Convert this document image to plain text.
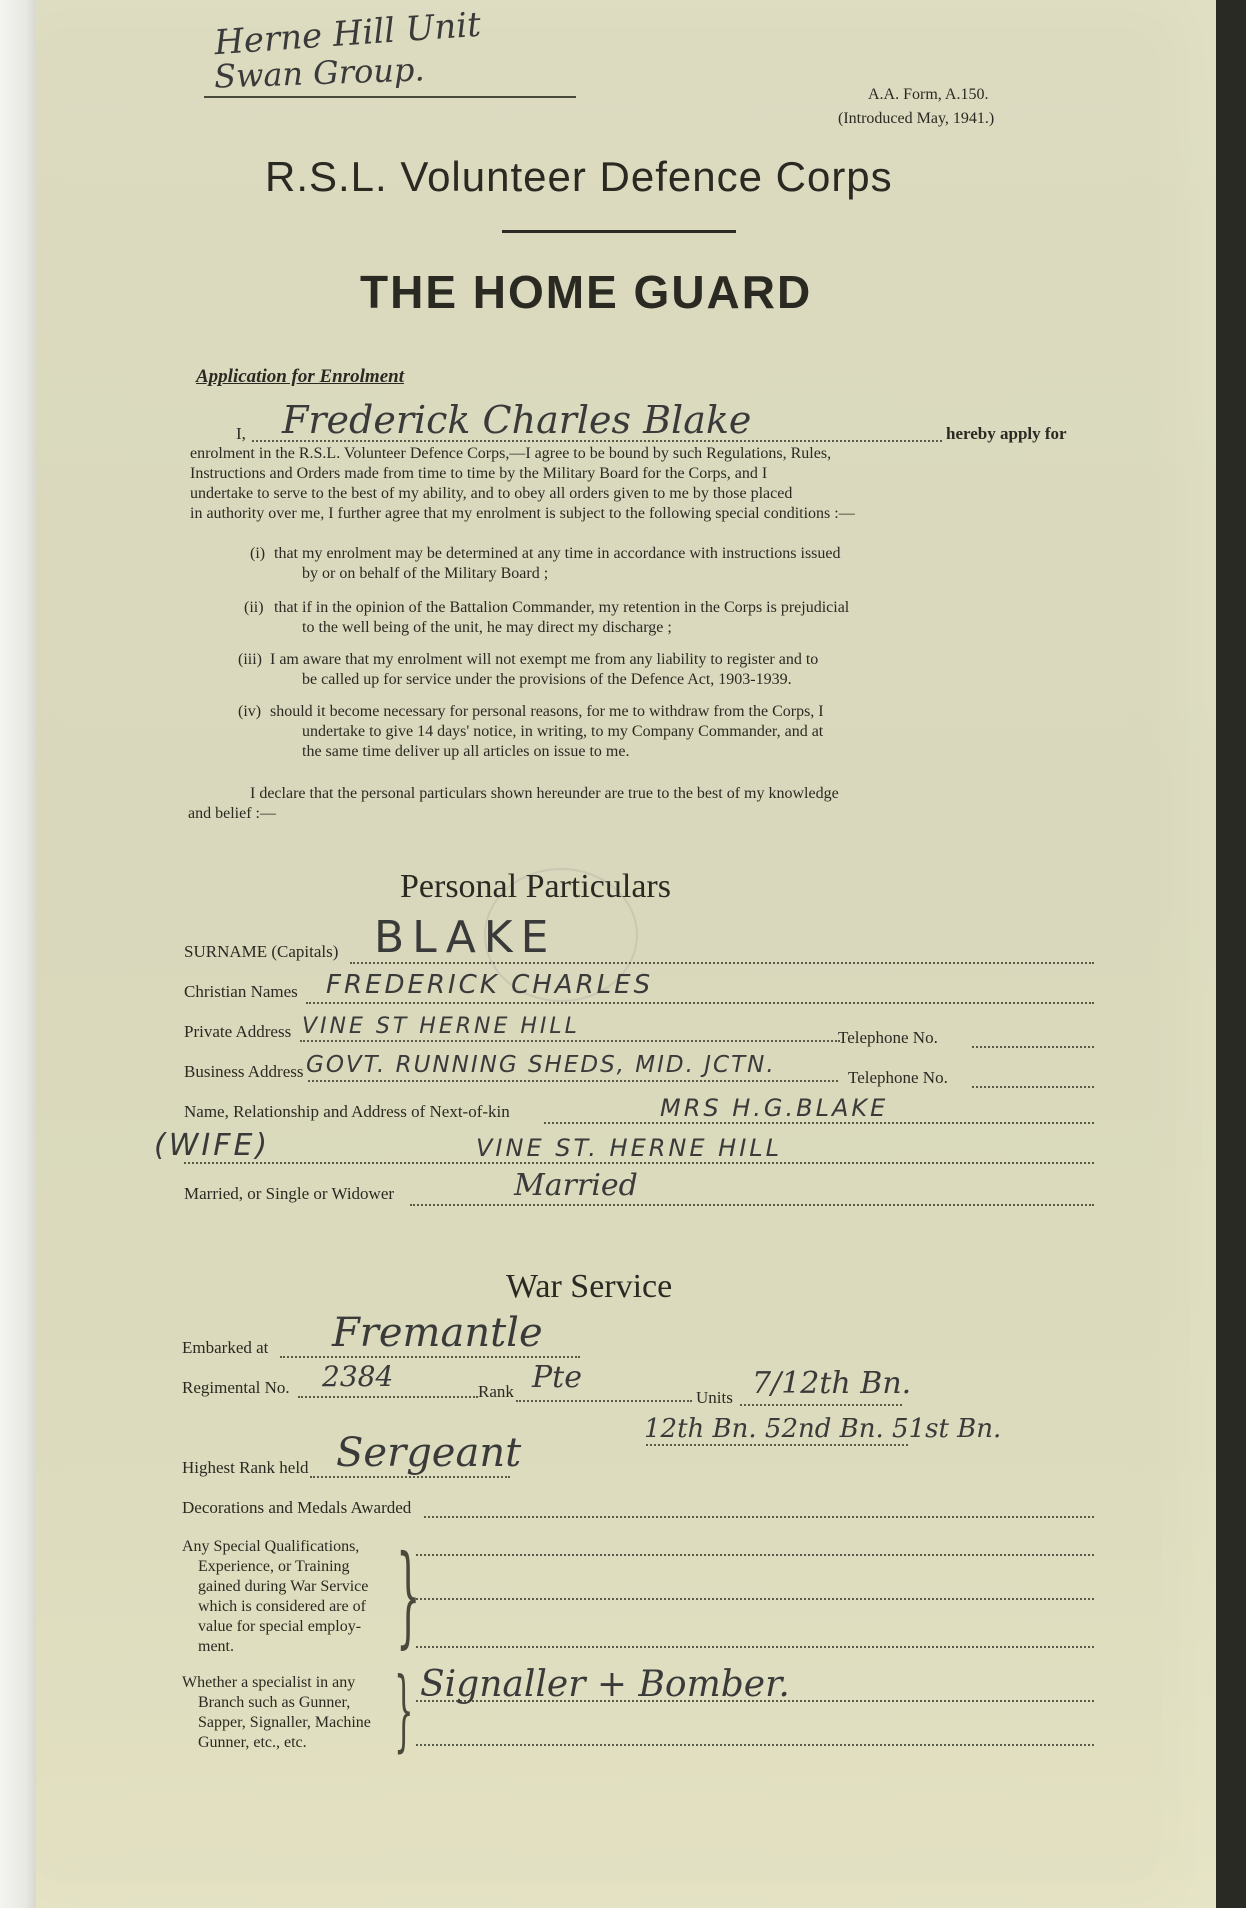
Herne Hill Unit
Swan Group.	A.A. Form, A.150.
(Introduced May, 1941.)
R.S.L. Volunteer Defence Corps
THE HOME GUARD
Application for Enrolment
I, Frederick Charles Blake	hereby apply for
enrolment in the R.S.L. Volunteer Defence Corps,—I agree to be bound by such Regulations, Rules,
Instructions and Orders made from time to time by the Military Board for the Corps, and I
undertake to serve to the best of my ability, and to obey all orders given to me by those placed
in authority over me, I further agree that my enrolment is subject to the following special conditions :—
(i) that my enrolment may be determined at any time in accordance with instructions issued
by or on behalf of the Military Board ;
(ii) that if in the opinion of the Battalion Commander, my retention in the Corps is prejudicial
to the well being of the unit, he may direct my discharge ;
(iii) I am aware that my enrolment will not exempt me from any liability to register and to
be called up for service under the provisions of the Defence Act, 1903-1939.
(iv) should it become necessary for personal reasons, for me to withdraw from the Corps, I
undertake to give 14 days' notice, in writing, to my Company Commander, and at
the same time deliver up all articles on issue to me.
I declare that the personal particulars shown hereunder are true to the best of my knowledge
and belief :—
Personal Particulars
SURNAME (Capitals) BLAKE
Christian Names FREDERICK CHARLES
Private Address VINE ST HERNE HILL	Telephone No.
Business Address GOVT. RUNNING SHEDS, MID. JCTN.	Telephone No.
Name, Relationship and Address of Next-of-kin	MRS H.G.BLAKE
(WIFE)	VINE ST. HERNE HILL
Married, or Single or Widower	Married
War Service
Embarked at Fremantle
Regimental No. 2384	Rank Pte
Units 7/12th Bn.
12th Bn. 52nd Bn. 51st Bn.
Highest Rank held Sergeant
Decorations and Medals Awarded
Any Special Qualifications,
Experience, or Training
gained during War Service
which is considered are of
value for special employ-
ment. }
Whether a specialist in any
Branch such as Gunner,
Sapper, Signaller, Machine
Gunner, etc., etc. } Signaller + Bomber.
